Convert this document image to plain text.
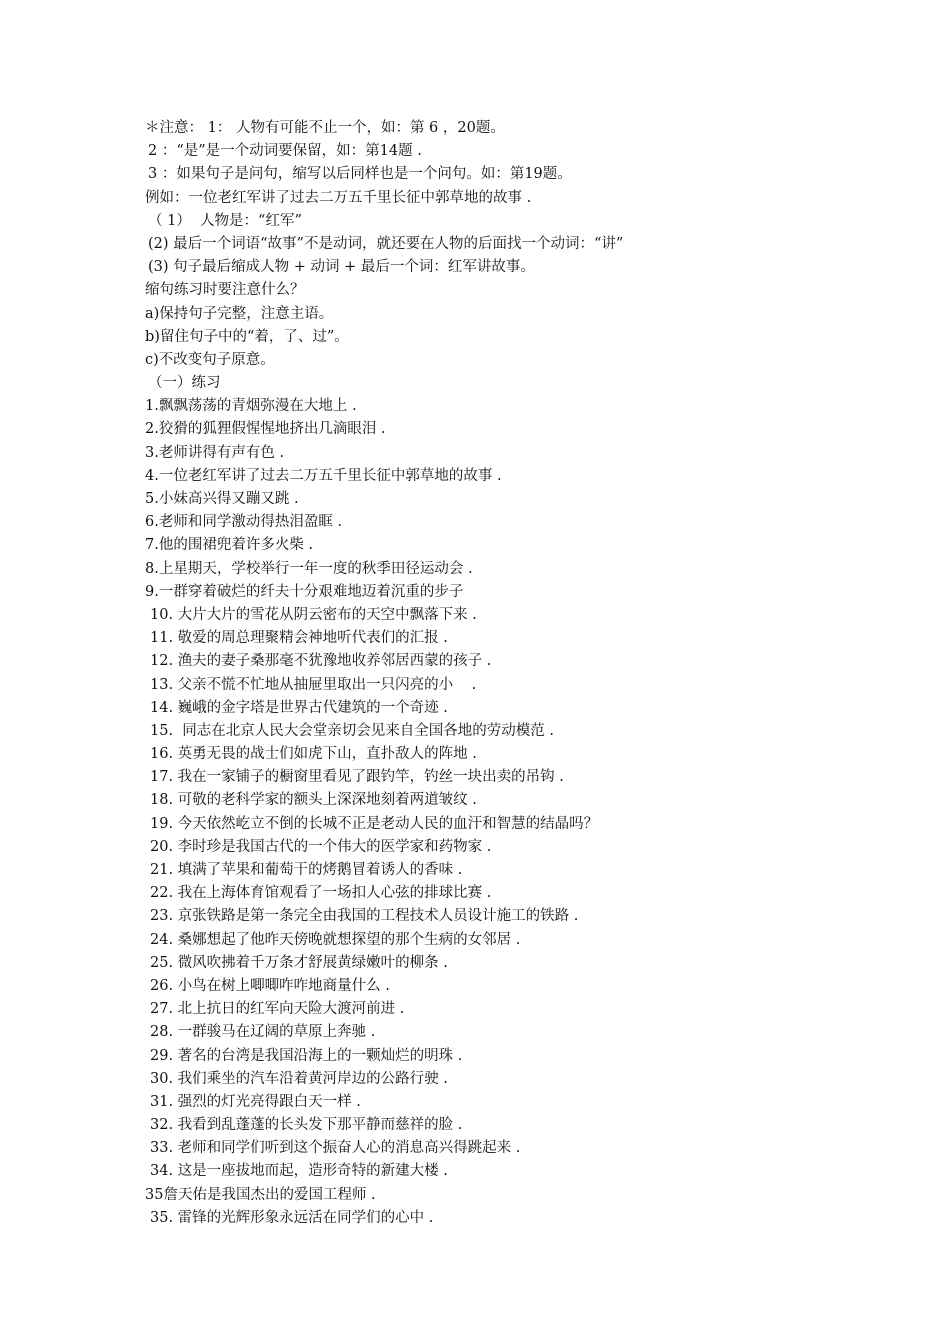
＊注意： 1： 人物有可能不止一个，如：第 6 ，20题。
2 ：“是”是一个动词要保留，如：第14题 .
3 ：如果句子是问句，缩写以后同样也是一个问句。如：第19题。
例如：一位老红军讲了过去二万五千里长征中郭草地的故事 .
（ 1）  人物是：“红军”
(2) 最后一个词语“故事”不是动词，就还要在人物的后面找一个动词：“讲”
(3) 句子最后缩成人物 + 动词 + 最后一个词：红军讲故事。
缩句练习时要注意什么？
a)保持句子完整，注意主语。
b)留住句子中的“着，了、过”。
c)不改变句子原意。
（一）练习
1.飘飘荡荡的青烟弥漫在大地上 .
2.狡猾的狐狸假惺惺地挤出几滴眼泪 .
3.老师讲得有声有色 .
4.一位老红军讲了过去二万五千里长征中郭草地的故事 .
5.小妹高兴得又蹦又跳 .
6.老师和同学激动得热泪盈眶 .
7.他的围裙兜着许多火柴 .
8.上星期天，学校举行一年一度的秋季田径运动会 .
9.一群穿着破烂的纤夫十分艰难地迈着沉重的步子
10. 大片大片的雪花从阴云密布的天空中飘落下来 .
11. 敬爱的周总理聚精会神地听代表们的汇报 .
12. 渔夫的妻子桑那毫不犹豫地收养邻居西蒙的孩子 .
13. 父亲不慌不忙地从抽屉里取出一只闪亮的小    .
14. 巍峨的金字塔是世界古代建筑的一个奇迹 .
15.  同志在北京人民大会堂亲切会见来自全国各地的劳动模范 .
16. 英勇无畏的战士们如虎下山，直扑敌人的阵地 .
17. 我在一家铺子的橱窗里看见了跟钓竿，钓丝一块出卖的吊钩 .
18. 可敬的老科学家的额头上深深地刻着两道皱纹 .
19. 今天依然屹立不倒的长城不正是老动人民的血汗和智慧的结晶吗？
20. 李时珍是我国古代的一个伟大的医学家和药物家 .
21. 填满了苹果和葡萄干的烤鹅冒着诱人的香味 .
22. 我在上海体育馆观看了一场扣人心弦的排球比赛 .
23. 京张铁路是第一条完全由我国的工程技术人员设计施工的铁路 .
24. 桑娜想起了他昨天傍晚就想探望的那个生病的女邻居 .
25. 微风吹拂着千万条才舒展黄绿嫩叶的柳条 .
26. 小鸟在树上唧唧咋咋地商量什么 .
27. 北上抗日的红军向天险大渡河前进 .
28. 一群骏马在辽阔的草原上奔驰 .
29. 著名的台湾是我国沿海上的一颗灿烂的明珠 .
30. 我们乘坐的汽车沿着黄河岸边的公路行驶 .
31. 强烈的灯光亮得跟白天一样 .
32. 我看到乱蓬蓬的长头发下那平静而慈祥的脸 .
33. 老师和同学们听到这个振奋人心的消息高兴得跳起来 .
34. 这是一座拔地而起，造形奇特的新建大楼 .
35詹天佑是我国杰出的爱国工程师 .
35. 雷锋的光辉形象永远活在同学们的心中 .
